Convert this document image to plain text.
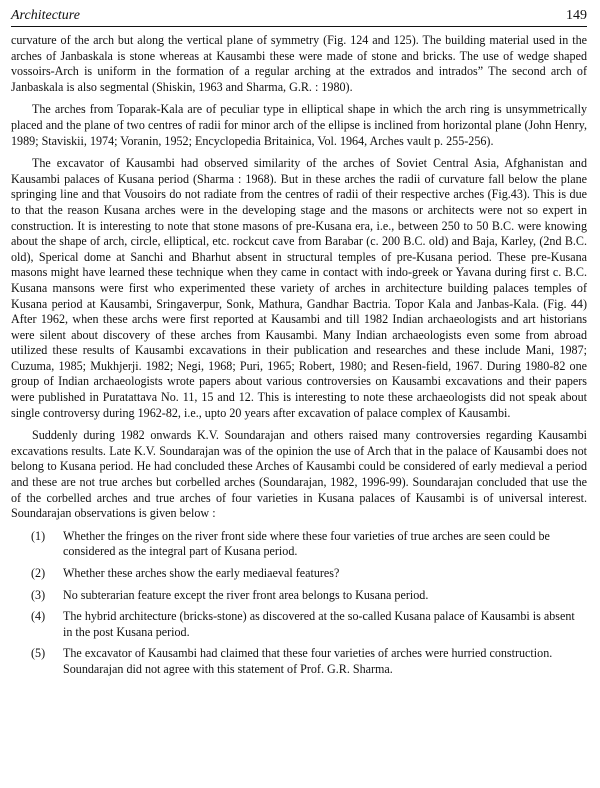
Architecture	149

curvature of the arch but along the vertical plane of symmetry (Fig. 124 and 125). The building material used in the arches of Janbaskala is stone whereas at Kausambi these were made of stone and bricks. The use of wedge shaped vossoirs-Arch is uniform in the formation of a regular arching at the extrados and intrados” The second arch of Janbaskala is also segmental (Shiskin, 1963 and Sharma, G.R. : 1980).

The arches from Toparak-Kala are of peculiar type in elliptical shape in which the arch ring is unsymmetrically placed and the plane of two centres of radii for minor arch of the ellipse is inclined from horizontal plane (John Henry, 1989; Staviskii, 1974; Voranin, 1952; Encyclopedia Britainica, Vol. 1964, Arches vault p. 255-256).

The excavator of Kausambi had observed similarity of the arches of Soviet Central Asia, Afghanistan and Kausambi palaces of Kusana period (Sharma : 1968). But in these arches the radii of curvature fall below the plane springing line and that Vousoirs do not radiate from the centres of radii of their respective arches (Fig.43). This is due to that the reason Kusana arches were in the developing stage and the masons or architects were not so expert in construction. It is interesting to note that stone masons of pre-Kusana era, i.e., between 250 to 50 B.C. were knowing about the shape of arch, circle, elliptical, etc. rockcut cave from Barabar (c. 200 B.C. old) and Baja, Karley, (2nd B.C. old), Sperical dome at Sanchi and Bharhut absent in structural temples of pre-Kusana period. These pre-Kusana masons might have learned these technique when they came in contact with indo-greek or Yavana during first c. B.C. Kusana mansons were first who experimented these variety of arches in architecture building palaces temples of Kusana period at Kausambi, Sringaverpur, Sonk, Mathura, Gandhar Bactria. Topor Kala and Janbas-Kala. (Fig. 44) After 1962, when these archs were first reported at Kausambi and till 1982 Indian archaeologists and art historians were silent about discovery of these arches from Kausambi. Many Indian archaeologists even some from abroad utilized these results of Kausambi excavations in their publication and researches and these include Mani, 1987; Cuzuma, 1985; Mukhjerji. 1982; Negi, 1968; Puri, 1965; Robert, 1980; and Resen-field, 1967. During 1980-82 one group of Indian archaeologists wrote papers about various controversies on Kausambi excavations and their papers were published in Puratattava No. 11, 15 and 12. This is interesting to note these archaeologists did not speak about single controversy during 1962-82, i.e., upto 20 years after excavation of palace complex of Kausambi.

Suddenly during 1982 onwards K.V. Soundarajan and others raised many controversies regarding Kausambi excavations results. Late K.V. Soundarajan was of the opinion the use of Arch that in the palace of Kausambi does not belong to Kusana period. He had concluded these Arches of Kausambi could be considered of early medieval a period and these are not true arches but corbelled arches (Soundarajan, 1982, 1996-99). Soundarajan concluded that use the of the corbelled arches and true arches of four varieties in Kusana palaces of Kausambi is of universal interest. Soundarajan observations is given below :

(1)	Whether the fringes on the river front side where these four varieties of true arches are seen could be considered as the integral part of Kusana period.
(2)	Whether these arches show the early mediaeval features?
(3)	No subterarian feature except the river front area belongs to Kusana period.
(4)	The hybrid architecture (bricks-stone) as discovered at the so-called Kusana palace of Kausambi is absent in the post Kusana period.
(5)	The excavator of Kausambi had claimed that these four varieties of arches were hurried construction. Soundarajan did not agree with this statement of Prof. G.R. Sharma.
